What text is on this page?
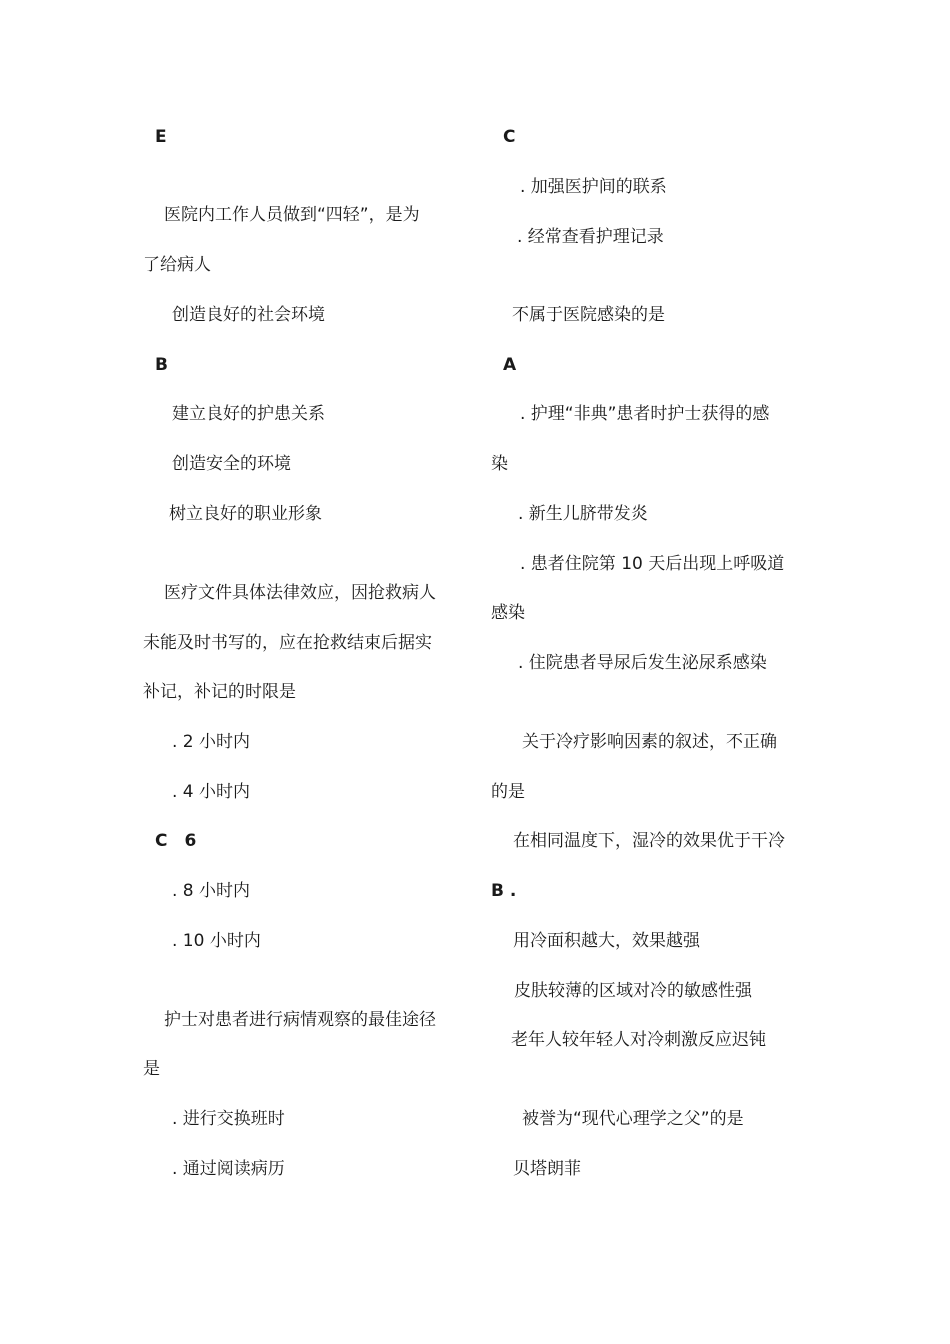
E
医院内工作人员做到“四轻”，是为
了给病人
创造良好的社会环境
B
建立良好的护患关系
创造安全的环境
树立良好的职业形象
医疗文件具体法律效应，因抢救病人
未能及时书写的，应在抢救结束后据实
补记，补记的时限是
. 2 小时内
. 4 小时内
C　6
. 8 小时内
. 10 小时内
护士对患者进行病情观察的最佳途径
是
. 进行交换班时
. 通过阅读病历
C
. 加强医护间的联系
. 经常查看护理记录
不属于医院感染的是
A
. 护理“非典”患者时护士获得的感
染
. 新生儿脐带发炎
. 患者住院第 10 天后出现上呼吸道
感染
. 住院患者导尿后发生泌尿系感染
关于冷疗影响因素的叙述，不正确
的是
在相同温度下，湿冷的效果优于干冷
B .
用冷面积越大，效果越强
皮肤较薄的区域对冷的敏感性强
老年人较年轻人对冷刺激反应迟钝
被誉为“现代心理学之父”的是
贝塔朗菲
